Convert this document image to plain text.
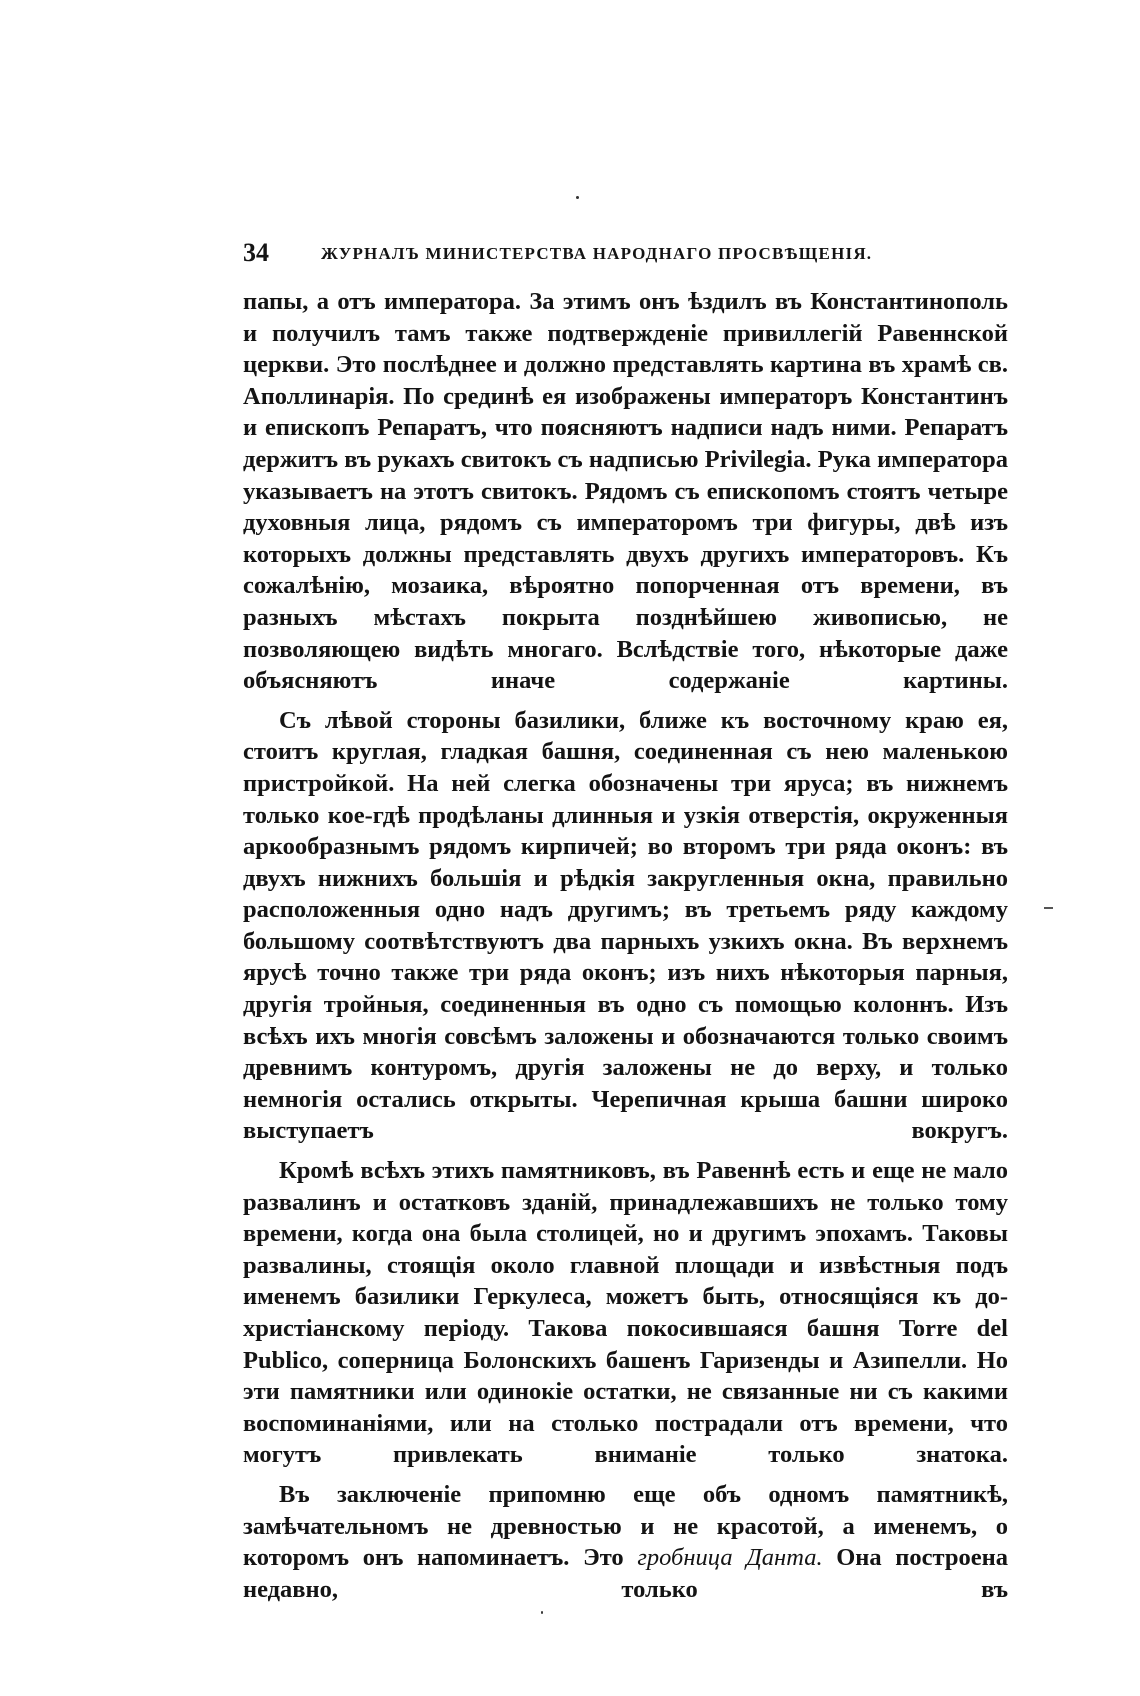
34	ЖУРНАЛЪ МИНИСТЕРСТВА НАРОДНАГО ПРОСВѢЩЕНІЯ.

папы, а отъ императора. За этимъ онъ ѣздилъ въ Константинополь и получилъ тамъ также подтвержденіе привиллегій Равеннской церкви. Это послѣднее и должно представлять картина въ храмѣ св. Аполлинарія. По срединѣ ея изображены императоръ Константинъ и епископъ Репаратъ, что поясняютъ надписи надъ ними. Репаратъ держитъ въ рукахъ свитокъ съ надписью Privilegia. Рука императора указываетъ на этотъ свитокъ. Рядомъ съ епископомъ стоятъ четыре духовныя лица, рядомъ съ императоромъ три фигуры, двѣ изъ которыхъ должны представлять двухъ другихъ императоровъ. Къ сожалѣнію, мозаика, вѣроятно попорченная отъ времени, въ разныхъ мѣстахъ покрыта позднѣйшею живописью, не позволяющею видѣть многаго. Вслѣдствіе того, нѣкоторые даже объясняютъ иначе содержаніе картины.

Съ лѣвой стороны базилики, ближе къ восточному краю ея, стоитъ круглая, гладкая башня, соединенная съ нею маленькою пристройкой. На ней слегка обозначены три яруса; въ нижнемъ только кое-гдѣ продѣланы длинныя и узкія отверстія, окруженныя аркообразнымъ рядомъ кирпичей; во второмъ три ряда оконъ: въ двухъ нижнихъ большія и рѣдкія закругленныя окна, правильно расположенныя одно надъ другимъ; въ третьемъ ряду каждому большому соотвѣтствуютъ два парныхъ узкихъ окна. Въ верхнемъ ярусѣ точно также три ряда оконъ; изъ нихъ нѣкоторыя парныя, другія тройныя, соединенныя въ одно съ помощью колоннъ. Изъ всѣхъ ихъ многія совсѣмъ заложены и обозначаются только своимъ древнимъ контуромъ, другія заложены не до верху, и только немногія остались открыты. Черепичная крыша башни широко выступаетъ вокругъ.

Кромѣ всѣхъ этихъ памятниковъ, въ Равеннѣ есть и еще не мало развалинъ и остатковъ зданій, принадлежавшихъ не только тому времени, когда она была столицей, но и другимъ эпохамъ. Таковы развалины, стоящія около главной площади и извѣстныя подъ именемъ базилики Геркулеса, можетъ быть, относящіяся къ до-христіанскому періоду. Такова покосившаяся башня Torre del Publico, соперница Болонскихъ башенъ Гаризенды и Азипелли. Но эти памятники или одинокіе остатки, не связанные ни съ какими воспоминаніями, или на столько пострадали отъ времени, что могутъ привлекать вниманіе только знатока.

Въ заключеніе припомню еще объ одномъ памятникѣ, замѣчательномъ не древностью и не красотой, а именемъ, о которомъ онъ напоминаетъ. Это гробница Данта. Она построена недавно, только въ
